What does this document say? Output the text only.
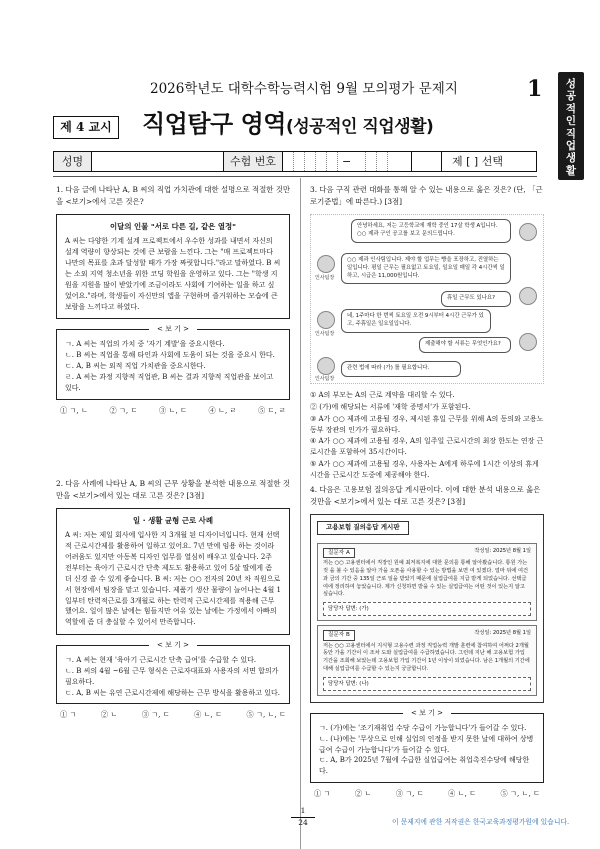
2026학년도 대학수학능력시험 9월 모의평가 문제지	1	성
공
적
인
직
업
생
활
제 4 교시	직업탐구 영역(성공적인 직업생활)
성명	수험 번호	−	제 [ ] 선택
1. 다음 글에 나타난 A, B 씨의 직업 가치관에 대한 설명으로 적절한 것만을 <보기>에서 고른 것은?
이달의 인물 "서로 다른 길, 같은 열정"
A 씨는 다양한 기계 설계 프로젝트에서 우수한 성과를 내면서 자신의 설계 역량이 향상되는 것에 큰 보람을 느낀다. 그는 "매 프로젝트마다 나만의 목표를 초과 달성할 때가 가장 짜릿합니다."라고 말하였다. B 씨는 소외 지역 청소년을 위한 코딩 학원을 운영하고 있다. 그는 "학생 지원을 지원을 많이 받았기에 조금이라도 사회에 기여하는 일을 하고 싶었어요."라며, 학생들이 자신만의 앱을 구현하며 즐거워하는 모습에 큰 보람을 느끼다고 하였다.
< 보 기 >
ㄱ. A 씨는 직업의 가치 중 '자기 계발'을 중요시한다.
ㄴ. B 씨는 직업을 통해 타인과 사회에 도움이 되는 것을 중요시 한다.
ㄷ. A, B 씨는 외적 직업 가치관을 중요시한다.
ㄹ. A 씨는 과정 지향적 직업관, B 씨는 결과 지향적 직업관을 보이고 있다.
① ㄱ, ㄴ	② ㄱ, ㄷ	③ ㄴ, ㄷ	④ ㄴ, ㄹ	⑤ ㄷ, ㄹ
2. 다음 사례에 나타난 A, B 씨의 근무 상황을 분석한 내용으로 적절한 것만을 <보기>에서 있는 대로 고른 것은? [3점]
일 · 생활 균형 근로 사례
A 씨: 저는 제일 회사에 입사한 지 3개월 된 디자이너입니다. 현재 선택적 근로시간제를 활용하여 일하고 있어요. 7년 만에 임용 하는 것이라 어려움도 있지만 아동복 디자인 업무를 열심히 배우고 있습니다. 2주 전부터는 육아기 근로시간 단축 제도도 활용하고 있어 5살 딸에게 좀 더 신경 쓸 수 있게 좋습니다. B 씨: 저는 ○○ 전자의 20년 차 직원으로서 현장에서 팀장을 맡고 있습니다. 제품기 생산 물량이 늘어나는 4월 1일부터 탄력적근로를 3개월로 하는 탄력적 근로시간제를 적용해 근무했어요. 일이 많은 날에는 힘들지만 여유 있는 날에는 가정에서 아빠의 역할에 좀 더 충실할 수 있어서 만족합니다.
< 보 기 >
ㄱ. A 씨는 현재 '육아기 근로시간 단축 급여'를 수급할 수 있다.
ㄴ. B 씨의 4월 ~6월 근무 형식은 근로자대표와 사용자의 서면 합의가 필요하다.
ㄷ. A, B 씨는 유연 근로시간제에 해당하는 근무 방식을 활용하고 있다.
① ㄱ	② ㄴ	③ ㄱ, ㄷ	④ ㄴ, ㄷ	⑤ ㄱ, ㄴ, ㄷ
3. 다음 구직 관련 대화를 통해 알 수 있는 내용으로 옳은 것은? (단, 「근로기준법」에 따른다.) [3점]
안녕하세요, 저는 고등학교에 재학 중인 17살 학생 A입니다. ○○ 제과 구인 공고를 보고 문의드립니다.
인사팀장
○○ 제과 인사팀입니다. 제야 할 업무는 빵을 포장하고, 진열하는 일입니다. 평일 근무는 필요없고 토요일, 일요일 매일 각 4시간씩 일하고, 시급은 11,000원입니다.
휴일 근무도 있나요?
인사팀장
네, 1주마다 한 번씩 토요일 오전 9시부터 4시간 근무가 있고, 주휴일은 일요일입니다.
제출해야 할 서류는 무엇인가요?
인사팀장
관련 법에 따라 (가) 를 필요합니다.
① A의 부모는 A의 근로 계약을 대리할 수 있다.
② (가)에 해당되는 서류에 '재학 증명서'가 포함된다.
③ A가 ○○ 제과에 고용될 경우, 제시된 휴일 근무를 위해 A의 동의와 고용노동부 장관의 인가가 필요하다.
④ A가 ○○ 제과에 고용될 경우, A의 일주일 근로시간의 최장 한도는 연장 근로시간을 포함하여 35시간이다.
⑤ A가 ○○ 제과에 고용될 경우, 사용자는 A에게 하루에 1시간 이상의 휴게시간을 근로시간 도중에 제공해야 한다.
4. 다음은 고용보험 질의응답 게시판이다. 이에 대한 분석 내용으로 옳은 것만을 <보기>에서 있는 대로 고른 것은? [3점]
고용보험 질의응답 게시판
질문자 A	작성일: 2025년 8월 1일
저는 ○○ 고용센터에서 직장인 원예 최저복지에 대한 문의를 통해 알아봤습니다. 통원 가는 것 을 볼 수 있음을 알아 가을 오픈을 사용할 수 있는 방법을 보면 여 있겠다. 얼마 뒤에 여건과 금의 기간 중 135일 근로 일을 받았기 때문에 실업급여를 지급 받게 되었습니다. 선택급여에 정리하여 놓았습니다. 제가 신청하면 받을 수 있는 실업급여는 어떤 것이 있는지 알고 싶습니다.
담당자 답변: (가)
질문자 B	작성일: 2025년 8월 1일
저는 ○○ 고용센터에서 지식형 고용수련 과정 직업능력 개발 훈련에 참여하여 어쩌다 2개월 동안 가을 기간이 이 조차 도와 실업급여를 수급하였습니다. 그런데 지난 해 고용보험 가입 기간을 조회해 보았는데 고용보험 가입 기간이 1년 이상이 되었습니다. 남은 1개월의 기간에 대해 실업급여를 수급할 수 있는지 궁금합니다.
담당자 답변: (나)
< 보 기 >
ㄱ. (가)에는 '조기재취업 수당 수급이 가능합니다'가 들어갈 수 있다.
ㄴ. (나)에는 '무상으로 인해 실업의 인정을 받지 못한 날에 대하여 상병 급여 수급이 가능합니다'가 들어갈 수 있다.
ㄷ. A, B가 2025년 7월에 수급한 실업급여는 취업촉진수당에 해당한다.
① ㄱ	② ㄴ	③ ㄱ, ㄷ	④ ㄴ, ㄷ	⑤ ㄱ, ㄴ, ㄷ
1
24	이 문제지에 관한 저작권은 한국교육과정평가원에 있습니다.
